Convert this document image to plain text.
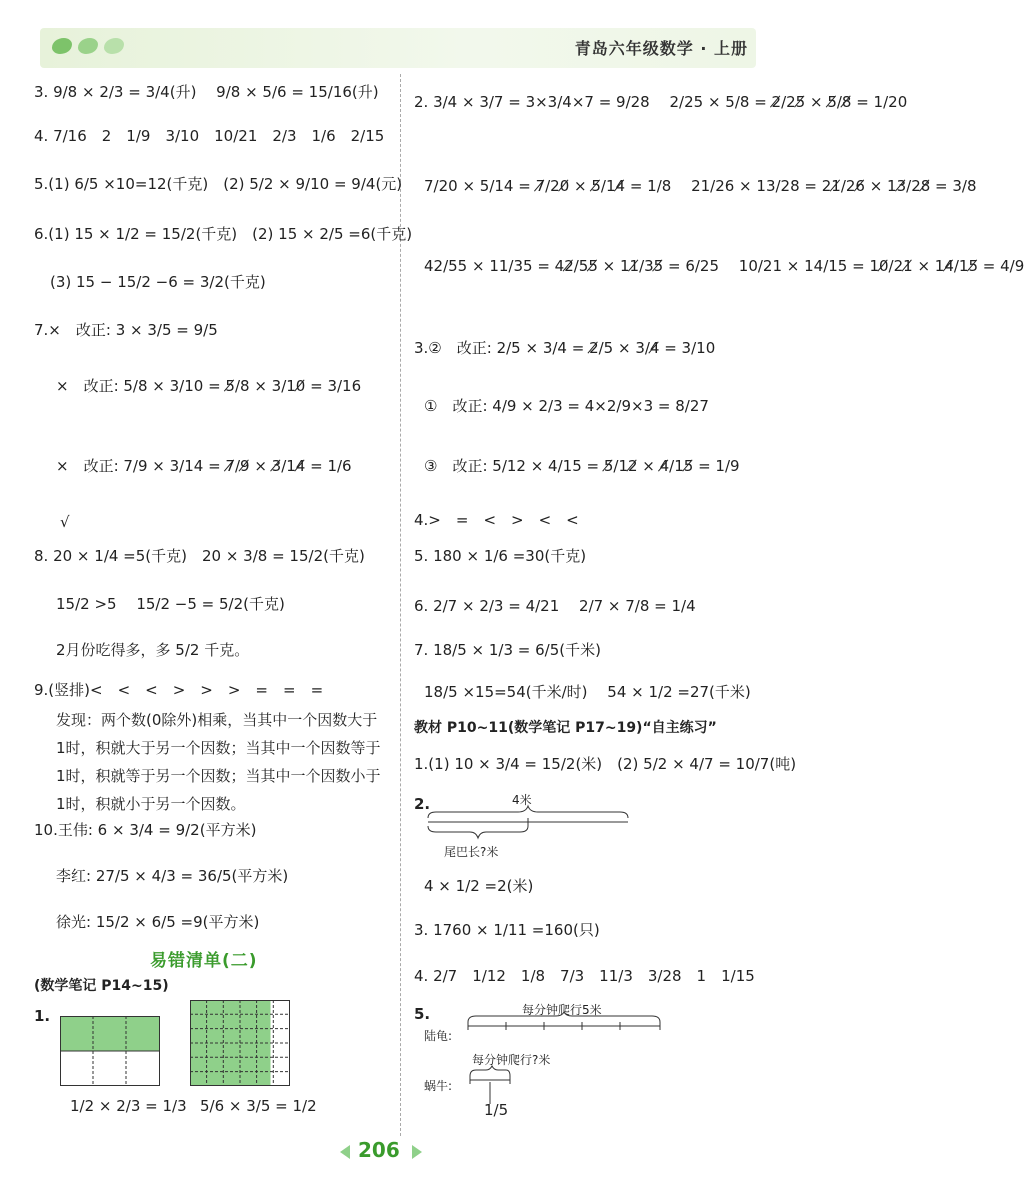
青岛六年级数学 · 上册
3. 9/8 × 2/3 = 3/4(升)　 9/8 × 5/6 = 15/16(升)
4. 7/16　2　1/9　3/10　10/21　2/3　1/6　2/15
5.(1) 6/5 ×10=12(千克)　(2) 5/2 × 9/10 = 9/4(元)
6.(1) 15 × 1/2 = 15/2(千克)　(2) 15 × 2/5 =6(千克)
(3) 15 − 15/2 −6 = 3/2(千克)
7.×　改正: 3 × 3/5 = 9/5
×　改正: 5/8 × 3/10 = 5̸/8 × 3/10̸ = 3/16
×　改正: 7/9 × 3/14 = 7̸/9̸ × 3̸/14̸ = 1/6
√
8. 20 × 1/4 =5(千克)　20 × 3/8 = 15/2(千克)
15/2 >5　 15/2 −5 = 5/2(千克)
2月份吃得多，多 5/2 千克。
9.(竖排)<　<　<　>　>　>　=　=　=
发现：两个数(0除外)相乘，当其中一个因数大于1时，积就大于另一个因数；当其中一个因数等于1时，积就等于另一个因数；当其中一个因数小于1时，积就小于另一个因数。
10.王伟: 6 × 3/4 = 9/2(平方米)
李红: 27/5 × 4/3 = 36/5(平方米)
徐光: 15/2 × 6/5 =9(平方米)
易错清单(二)
(数学笔记 P14~15)
1.
1/2 × 2/3 = 1/3 5/6 × 3/5 = 1/2
2. 3/4 × 3/7 = 3×3/4×7 = 9/28　 2/25 × 5/8 = 2̸/25̸ × 5̸/8̸ = 1/20
7/20 × 5/14 = 7̸/20̸ × 5̸/14̸ = 1/8　 21/26 × 13/28 = 21̸/26̸ × 13̸/28̸ = 3/8
42/55 × 11/35 = 42̸/55̸ × 11̸/35̸ = 6/25　 10/21 × 14/15 = 10̸/21̸ × 14̸/15̸ = 4/9
3.②　改正: 2/5 × 3/4 = 2̸/5 × 3/4̸ = 3/10
①　改正: 4/9 × 2/3 = 4×2/9×3 = 8/27
③　改正: 5/12 × 4/15 = 5̸/12̸ × 4̸/15̸ = 1/9
4.>　=　<　>　<　<
5. 180 × 1/6 =30(千克)
6. 2/7 × 2/3 = 4/21　 2/7 × 7/8 = 1/4
7. 18/5 × 1/3 = 6/5(千米)
18/5 ×15=54(千米/时)　 54 × 1/2 =27(千米)
教材 P10~11(数学笔记 P17~19)“自主练习”
1.(1) 10 × 3/4 = 15/2(米)　(2) 5/2 × 4/7 = 10/7(吨)
2.	4米
尾巴长?米
4 × 1/2 =2(米)
3. 1760 × 1/11 =160(只)
4. 2/7　1/12　1/8　7/3　11/3　3/28　1　1/15
5.	每分钟爬行5米
陆龟:
每分钟爬行?米
蜗牛:
1/5
206
